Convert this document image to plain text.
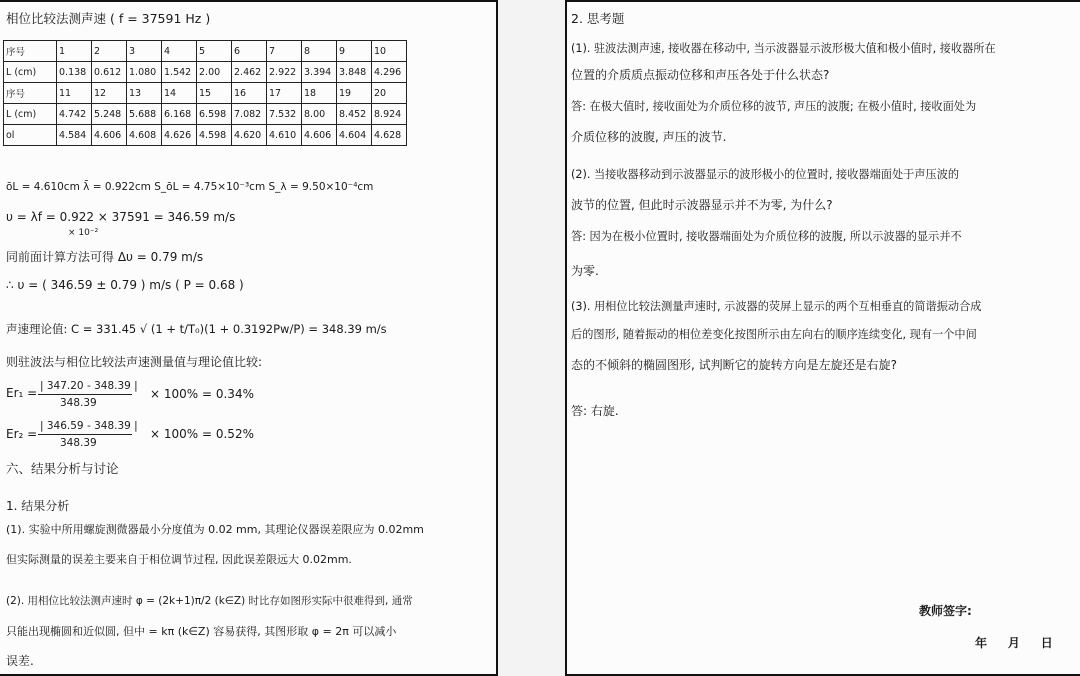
相位比较法测声速 ( f = 37591 Hz )
序号	1	2	3	4	5	6	7	8	9	10
L (cm)	0.138	0.612	1.080	1.542	2.00	2.462	2.922	3.394	3.848	4.296
序号	11	12	13	14	15	16	17	18	19	20
L (cm)	4.742	5.248	5.688	6.168	6.598	7.082	7.532	8.00	8.452	8.924
ol	4.584	4.606	4.608	4.626	4.598	4.620	4.610	4.606	4.604	4.628
ōL = 4.610cm λ̄ = 0.922cm S_ōL = 4.75×10⁻³cm S_λ = 9.50×10⁻⁴cm
υ = λf = 0.922 × 37591 = 346.59 m/s
× 10⁻²
同前面计算方法可得 Δυ = 0.79 m/s
∴ υ = ( 346.59 ± 0.79 ) m/s ( P = 0.68 )
声速理论值: C = 331.45 √ (1 + t/T₀)(1 + 0.3192Pw/P) = 348.39 m/s
则驻波法与相位比较法声速测量值与理论值比较:
Er₁ = | 347.20 - 348.39 |
348.39
× 100% = 0.34%
Er₂ =
| 346.59 - 348.39 |
348.39
× 100% = 0.52%
六、结果分析与讨论
1. 结果分析
(1). 实验中所用螺旋测微器最小分度值为 0.02 mm, 其理论仪器误差限应为 0.02mm
但实际测量的误差主要来自于相位调节过程, 因此误差限远大 0.02mm.
(2). 用相位比较法测声速时 φ = (2k+1)π/2 (k∈Z) 时比存如图形实际中很难得到, 通常
只能出现椭圆和近似圆, 但中 = kπ (k∈Z) 容易获得, 其图形取 φ = 2π 可以减小
误差.
2. 思考题
(1). 驻波法测声速, 接收器在移动中, 当示波器显示波形极大值和极小值时, 接收器所在
位置的介质质点振动位移和声压各处于什么状态?
答: 在极大值时, 接收面处为介质位移的波节, 声压的波腹; 在极小值时, 接收面处为
介质位移的波腹, 声压的波节.
(2). 当接收器移动到示波器显示的波形极小的位置时, 接收器端面处于声压波的
波节的位置, 但此时示波器显示并不为零, 为什么?
答: 因为在极小位置时, 接收器端面处为介质位移的波腹, 所以示波器的显示并不
为零.
(3). 用相位比较法测量声速时, 示波器的荧屏上显示的两个互相垂直的简谐振动合成
后的图形, 随着振动的相位差变化按图所示由左向右的顺序连续变化, 现有一个中间
态的不倾斜的椭圆图形, 试判断它的旋转方向是左旋还是右旋?
答: 右旋.
教师签字:
年     月     日
